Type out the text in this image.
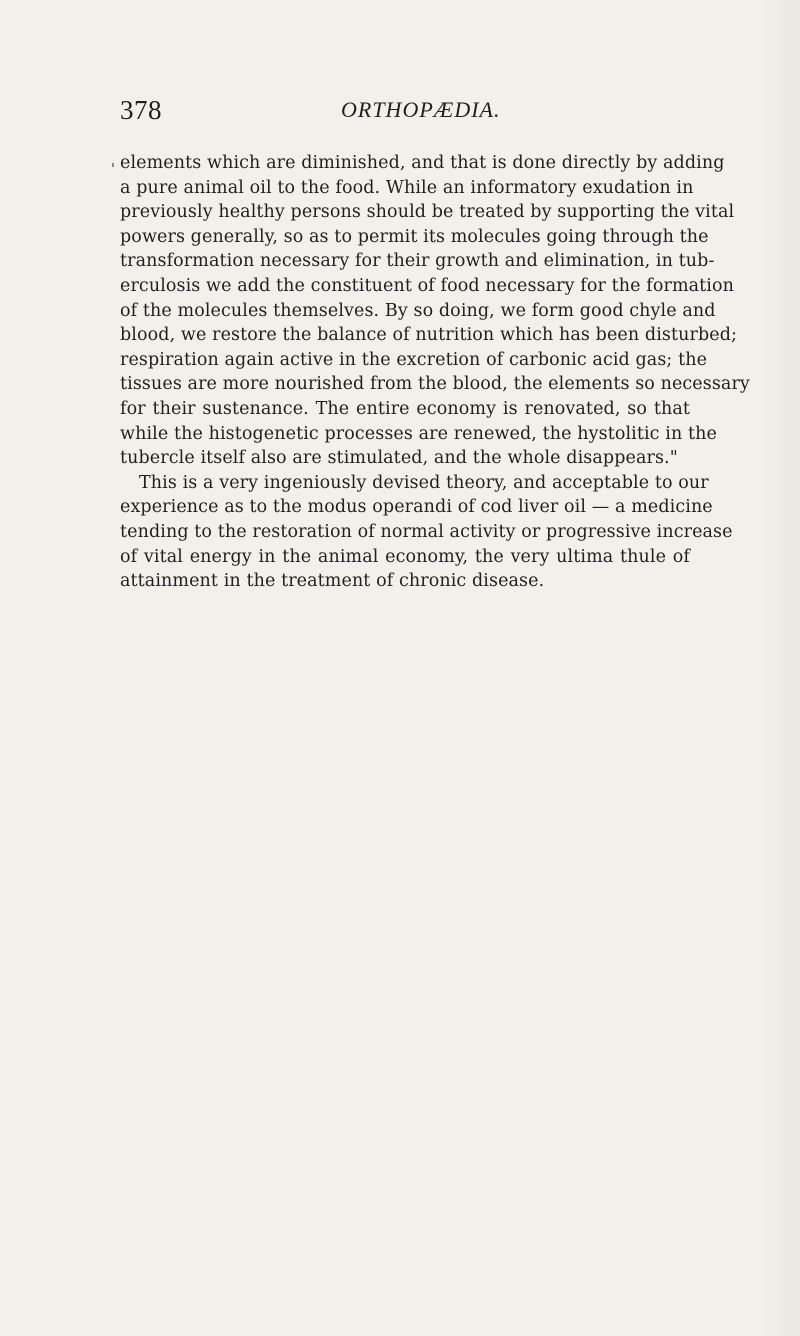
378	ORTHOPÆDIA.
elements which are diminished, and that is done directly by adding
a pure animal oil to the food. While an informatory exudation in
previously healthy persons should be treated by supporting the vital
powers generally, so as to permit its molecules going through the
transformation necessary for their growth and elimination, in tub-
erculosis we add the constituent of food necessary for the formation
of the molecules themselves. By so doing, we form good chyle and
blood, we restore the balance of nutrition which has been disturbed;
respiration again active in the excretion of carbonic acid gas; the
tissues are more nourished from the blood, the elements so necessary
for their sustenance. The entire economy is renovated, so that
while the histogenetic processes are renewed, the hystolitic in the
tubercle itself also are stimulated, and the whole disappears."
This is a very ingeniously devised theory, and acceptable to our
experience as to the modus operandi of cod liver oil — a medicine
tending to the restoration of normal activity or progressive increase
of vital energy in the animal economy, the very ultima thule of
attainment in the treatment of chronic disease.
